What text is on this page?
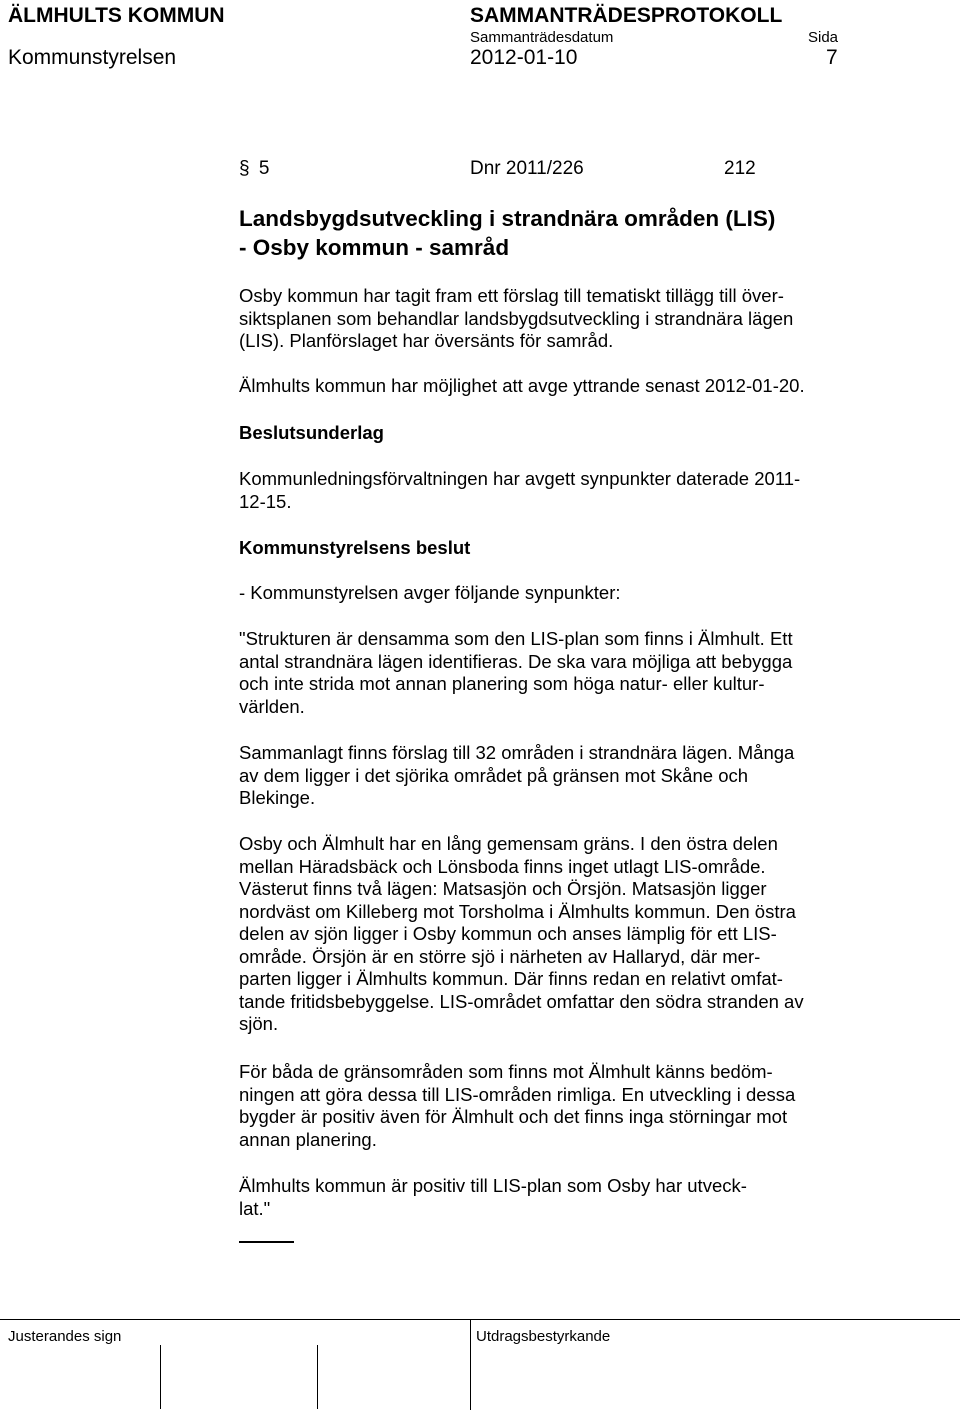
ÄLMHULTS KOMMUN	SAMMANTRÄDESPROTOKOLL
Sammanträdesdatum	Sida
Kommunstyrelsen	2012-01-10	7
§ 5	Dnr 2011/226	212
Landsbygdsutveckling i strandnära områden (LIS)
- Osby kommun - samråd
Osby kommun har tagit fram ett förslag till tematiskt tillägg till över-
siktsplanen som behandlar landsbygdsutveckling i strandnära lägen
(LIS). Planförslaget har översänts för samråd.
Älmhults kommun har möjlighet att avge yttrande senast 2012-01-20.
Beslutsunderlag
Kommunledningsförvaltningen har avgett synpunkter daterade 2011-
12-15.
Kommunstyrelsens beslut
- Kommunstyrelsen avger följande synpunkter:
"Strukturen är densamma som den LIS-plan som finns i Älmhult. Ett
antal strandnära lägen identifieras. De ska vara möjliga att bebygga
och inte strida mot annan planering som höga natur- eller kultur-
världen.
Sammanlagt finns förslag till 32 områden i strandnära lägen. Många
av dem ligger i det sjörika området på gränsen mot Skåne och
Blekinge.
Osby och Älmhult har en lång gemensam gräns. I den östra delen
mellan Häradsbäck och Lönsboda finns inget utlagt LIS-område.
Västerut finns två lägen: Matsasjön och Örsjön. Matsasjön ligger
nordväst om Killeberg mot Torsholma i Älmhults kommun. Den östra
delen av sjön ligger i Osby kommun och anses lämplig för ett LIS-
område. Örsjön är en större sjö i närheten av Hallaryd, där mer-
parten ligger i Älmhults kommun. Där finns redan en relativt omfat-
tande fritidsbebyggelse. LIS-området omfattar den södra stranden av
sjön.
För båda de gränsområden som finns mot Älmhult känns bedöm-
ningen att göra dessa till LIS-områden rimliga. En utveckling i dessa
bygder är positiv även för Älmhult och det finns inga störningar mot
annan planering.
Älmhults kommun är positiv till LIS-plan som Osby har utveck-
lat."
Justerandes sign	Utdragsbestyrkande
